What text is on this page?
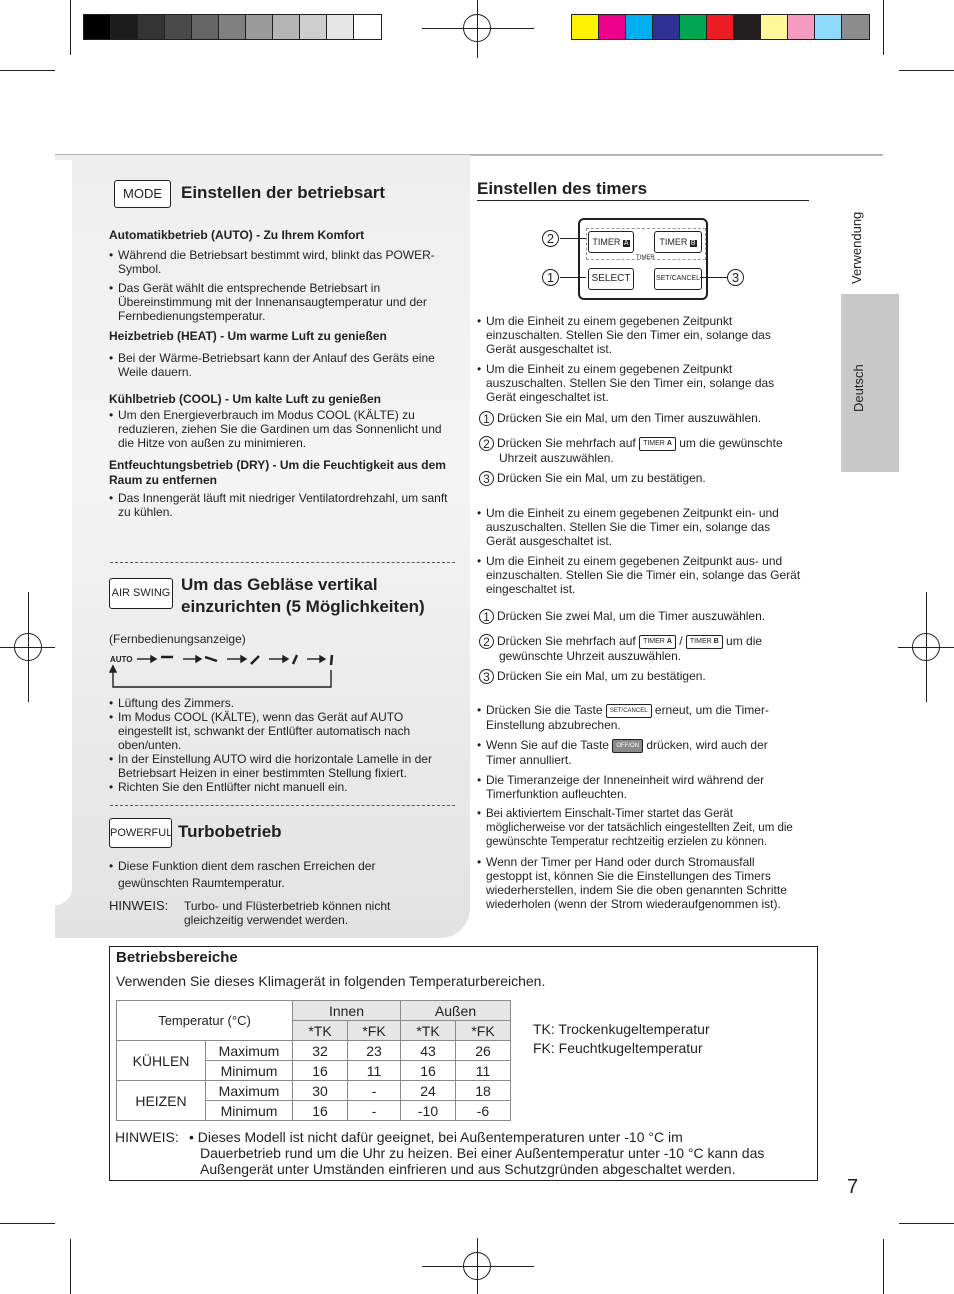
Verwendung
Deutsch
MODE	Einstellen der betriebsart
Automatikbetrieb (AUTO) - Zu Ihrem Komfort
• Während die Betriebsart bestimmt wird, blinkt das POWER-Symbol.
• Das Gerät wählt die entsprechende Betriebsart in Übereinstimmung mit der Innenansaugtemperatur und der Fernbedienungstemperatur.
Heizbetrieb (HEAT) - Um warme Luft zu genießen
• Bei der Wärme-Betriebsart kann der Anlauf des Geräts eine Weile dauern.
Kühlbetrieb (COOL) - Um kalte Luft zu genießen
• Um den Energieverbrauch im Modus COOL (KÄLTE) zu reduzieren, ziehen Sie die Gardinen um das Sonnenlicht und die Hitze von außen zu minimieren.
Entfeuchtungsbetrieb (DRY) - Um die Feuchtigkeit aus dem Raum zu entfernen
• Das Innengerät läuft mit niedriger Ventilatordrehzahl, um sanft zu kühlen.
AIR SWING Um das Gebläse vertikal
einzurichten (5 Möglichkeiten)
(Fernbedienungsanzeige)
AUTO
• Lüftung des Zimmers.
• Im Modus COOL (KÄLTE), wenn das Gerät auf AUTO eingestellt ist, schwankt der Entlüfter automatisch nach oben/unten.
• In der Einstellung AUTO wird die horizontale Lamelle in der Betriebsart Heizen in einer bestimmten Stellung fixiert.
• Richten Sie den Entlüfter nicht manuell ein.
POWERFUL Turbobetrieb
• Diese Funktion dient dem raschen Erreichen der gewünschten Raumtemperatur.
HINWEIS: Turbo- und Flüsterbetrieb können nicht gleichzeitig verwendet werden.
Einstellen des timers
TIMER A	TIMER B
TIMER
SELECT	SET/CANCEL
2
1	3
• Um die Einheit zu einem gegebenen Zeitpunkt einzuschalten. Stellen Sie den Timer ein, solange das Gerät ausgeschaltet ist.
• Um die Einheit zu einem gegebenen Zeitpunkt auszuschalten. Stellen Sie den Timer ein, solange das Gerät eingeschaltet ist.
1 Drücken Sie ein Mal, um den Timer auszuwählen.
2 Drücken Sie mehrfach auf TIMER A um die gewünschte
Uhrzeit auszuwählen.
3 Drücken Sie ein Mal, um zu bestätigen.
• Um die Einheit zu einem gegebenen Zeitpunkt ein- und auszuschalten. Stellen Sie die Timer ein, solange das Gerät ausgeschaltet ist.
• Um die Einheit zu einem gegebenen Zeitpunkt aus- und einzuschalten. Stellen Sie die Timer ein, solange das Gerät eingeschaltet ist.
1 Drücken Sie zwei Mal, um die Timer auszuwählen.
2 Drücken Sie mehrfach auf TIMER A / TIMER B um die
gewünschte Uhrzeit auszuwählen.
3 Drücken Sie ein Mal, um zu bestätigen.
• Drücken Sie die Taste SET/CANCEL erneut, um die Timer-
Einstellung abzubrechen.
• Wenn Sie auf die Taste OFF/ON drücken, wird auch der
Timer annulliert.
• Die Timeranzeige der Inneneinheit wird während der Timerfunktion aufleuchten.
• Bei aktiviertem Einschalt-Timer startet das Gerät möglicherweise vor der tatsächlich eingestellten Zeit, um die gewünschte Temperatur rechtzeitig erzielen zu können.
• Wenn der Timer per Hand oder durch Stromausfall gestoppt ist, können Sie die Einstellungen des Timers wiederherstellen, indem Sie die oben genannten Schritte wiederholen (wenn der Strom wiederaufgenommen ist).
Betriebsbereiche
Verwenden Sie dieses Klimagerät in folgenden Temperaturbereichen.
Temperatur (°C)		Innen		Außen	
		*TK	*FK	*TK	*FK
KÜHLEN	Maximum	32	23	43	26
	Minimum	16	11	16	11
HEIZEN	Maximum	30	-	24	18
	Minimum	16	-	-10	-6
TK: Trockenkugeltemperatur
FK: Feuchtkugeltemperatur
HINWEIS: • Dieses Modell ist nicht dafür geeignet, bei Außentemperaturen unter -10 °C im
Dauerbetrieb rund um die Uhr zu heizen. Bei einer Außentemperatur unter -10 °C kann das
Außengerät unter Umständen einfrieren und aus Schutzgründen abgeschaltet werden.
7
